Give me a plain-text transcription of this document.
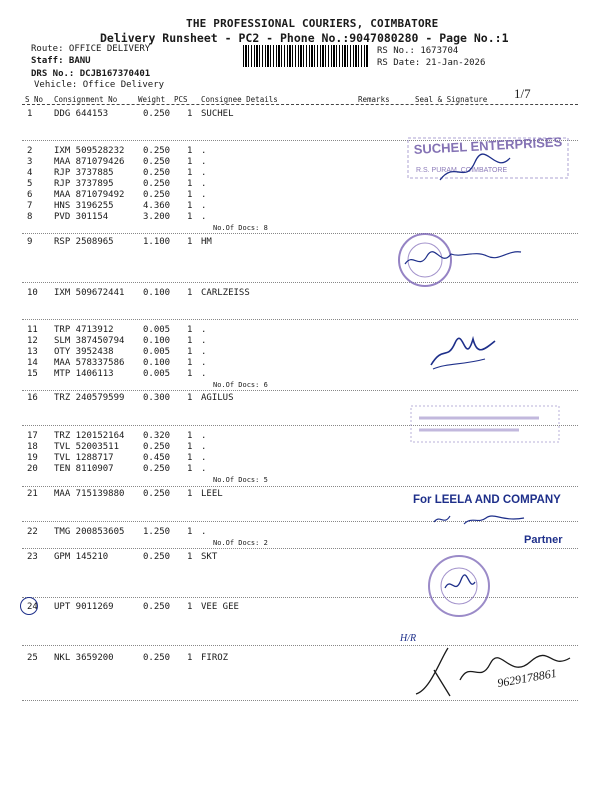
THE PROFESSIONAL COURIERS, COIMBATORE
Delivery Runsheet - PC2 - Phone No.:9047080280 - Page No.:1
Route: OFFICE DELIVERY
Staff: BANU
DRS No.: DCJB167370401
Vehicle: Office Delivery
RS No.: 1673704
RS Date: 21-Jan-2026
1/7
S No Consignment No	Weight PCS Consignee Details	Remarks	Seal & Signature
1 DDG 644153	0.250 1 SUCHEL
2 IXM 509528232 0.250 1 .
3 MAA 871079426 0.250 1 .
4 RJP 3737885	0.250 1 .
5 RJP 3737895	0.250 1 .
6 MAA 871079492 0.250 1 .
7 HNS 3196255	4.360 1 .
8 PVD 301154	3.200 1 .
No.Of Docs: 8
9 RSP 2508965	1.100 1 HM
10 IXM 509672441 0.100 1 CARLZEISS
11 TRP 4713912	0.005 1 .
12 SLM 387450794 0.100 1 .
13 OTY 3952438	0.005 1 .
14 MAA 578337586 0.100 1 .
15 MTP 1406113	0.005 1 .
No.Of Docs: 6
16 TRZ 240579599 0.300 1 AGILUS
17 TRZ 120152164 0.320 1 .
18 TVL 52003511	0.250 1 .
19 TVL 1288717	0.450 1 .
20 TEN 8110907	0.250 1 .
No.Of Docs: 5
21 MAA 715139880 0.250 1 LEEL
22 TMG 200853605 1.250 1 .
No.Of Docs: 2
23 GPM 145210	0.250 1 SKT
24 UPT 9011269	0.250 1 VEE GEE
25 NKL 3659200	0.250 1 FIROZ
SUCHEL ENTERPRISES
R.S. PURAM, COIMBATORE
For LEELA AND COMPANY
Partner
H/R
9629178861
